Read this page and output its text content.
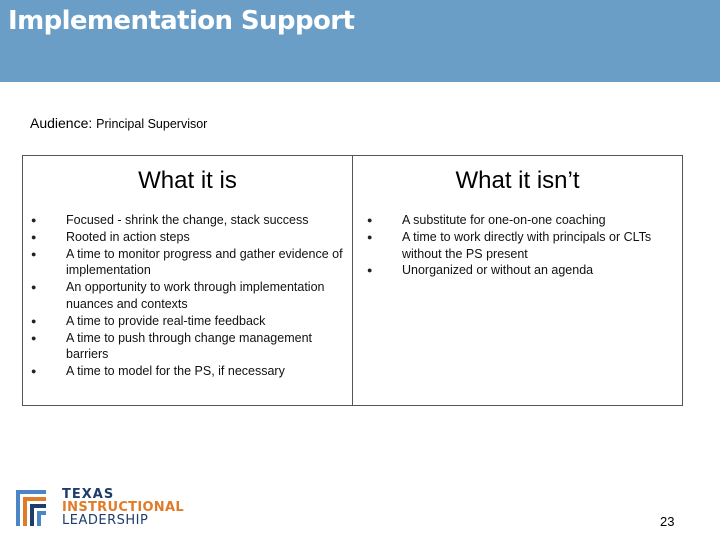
Implementation Support
Audience: Principal Supervisor
What it is
● Focused - shrink the change, stack success
● Rooted in action steps
● A time to monitor progress and gather evidence of implementation
● An opportunity to work through implementation nuances and contexts
● A time to provide real-time feedback
● A time to push through change management barriers
● A time to model for the PS, if necessary
What it isn’t
● A substitute for one-on-one coaching
● A time to work directly with principals or CLTs without the PS present
● Unorganized or without an agenda
TEXAS
INSTRUCTIONAL
LEADERSHIP	23
